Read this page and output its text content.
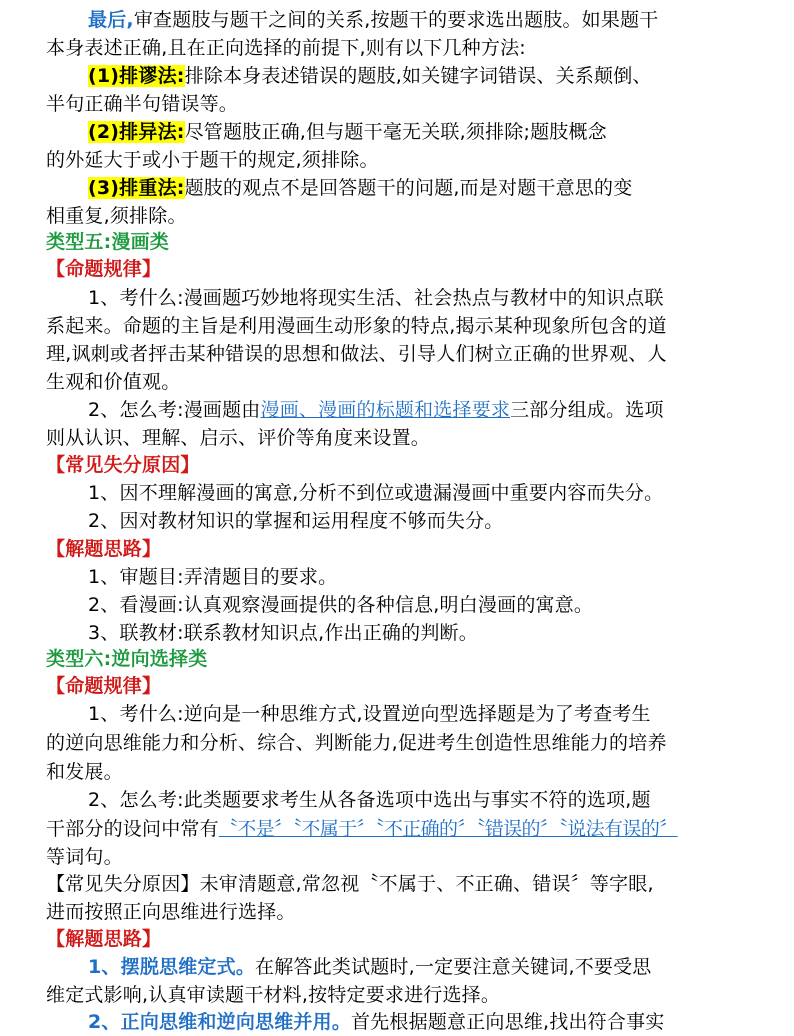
最后,审查题肢与题干之间的关系,按题干的要求选出题肢。如果题干
本身表述正确,且在正向选择的前提下,则有以下几种方法:
(1)排谬法:排除本身表述错误的题肢,如关键字词错误、关系颠倒、
半句正确半句错误等。
(2)排异法:尽管题肢正确,但与题干毫无关联,须排除;题肢概念
的外延大于或小于题干的规定,须排除。
(3)排重法:题肢的观点不是回答题干的问题,而是对题干意思的变
相重复,须排除。
类型五:漫画类
【命题规律】
1、考什么:漫画题巧妙地将现实生活、社会热点与教材中的知识点联
系起来。命题的主旨是利用漫画生动形象的特点,揭示某种现象所包含的道
理,讽刺或者抨击某种错误的思想和做法、引导人们树立正确的世界观、人
生观和价值观。
2、怎么考:漫画题由漫画、漫画的标题和选择要求三部分组成。选项
则从认识、理解、启示、评价等角度来设置。
【常见失分原因】
1、因不理解漫画的寓意,分析不到位或遗漏漫画中重要内容而失分。
2、因对教材知识的掌握和运用程度不够而失分。
【解题思路】
1、审题目:弄清题目的要求。
2、看漫画:认真观察漫画提供的各种信息,明白漫画的寓意。
3、联教材:联系教材知识点,作出正确的判断。
类型六:逆向选择类
【命题规律】
1、考什么:逆向是一种思维方式,设置逆向型选择题是为了考查考生
的逆向思维能力和分析、综合、判断能力,促进考生创造性思维能力的培养
和发展。
2、怎么考:此类题要求考生从各备选项中选出与事实不符的选项,题
干部分的设问中常有〝不是〞〝不属于〞〝不正确的〞〝错误的〞〝说法有误的〞
等词句。
【常见失分原因】未审清题意,常忽视〝不属于、不正确、错误〞等字眼,
进而按照正向思维进行选择。
【解题思路】
1、摆脱思维定式。在解答此类试题时,一定要注意关键词,不要受思
维定式影响,认真审读题干材料,按特定要求进行选择。
2、正向思维和逆向思维并用。首先根据题意正向思维,找出符合事实
